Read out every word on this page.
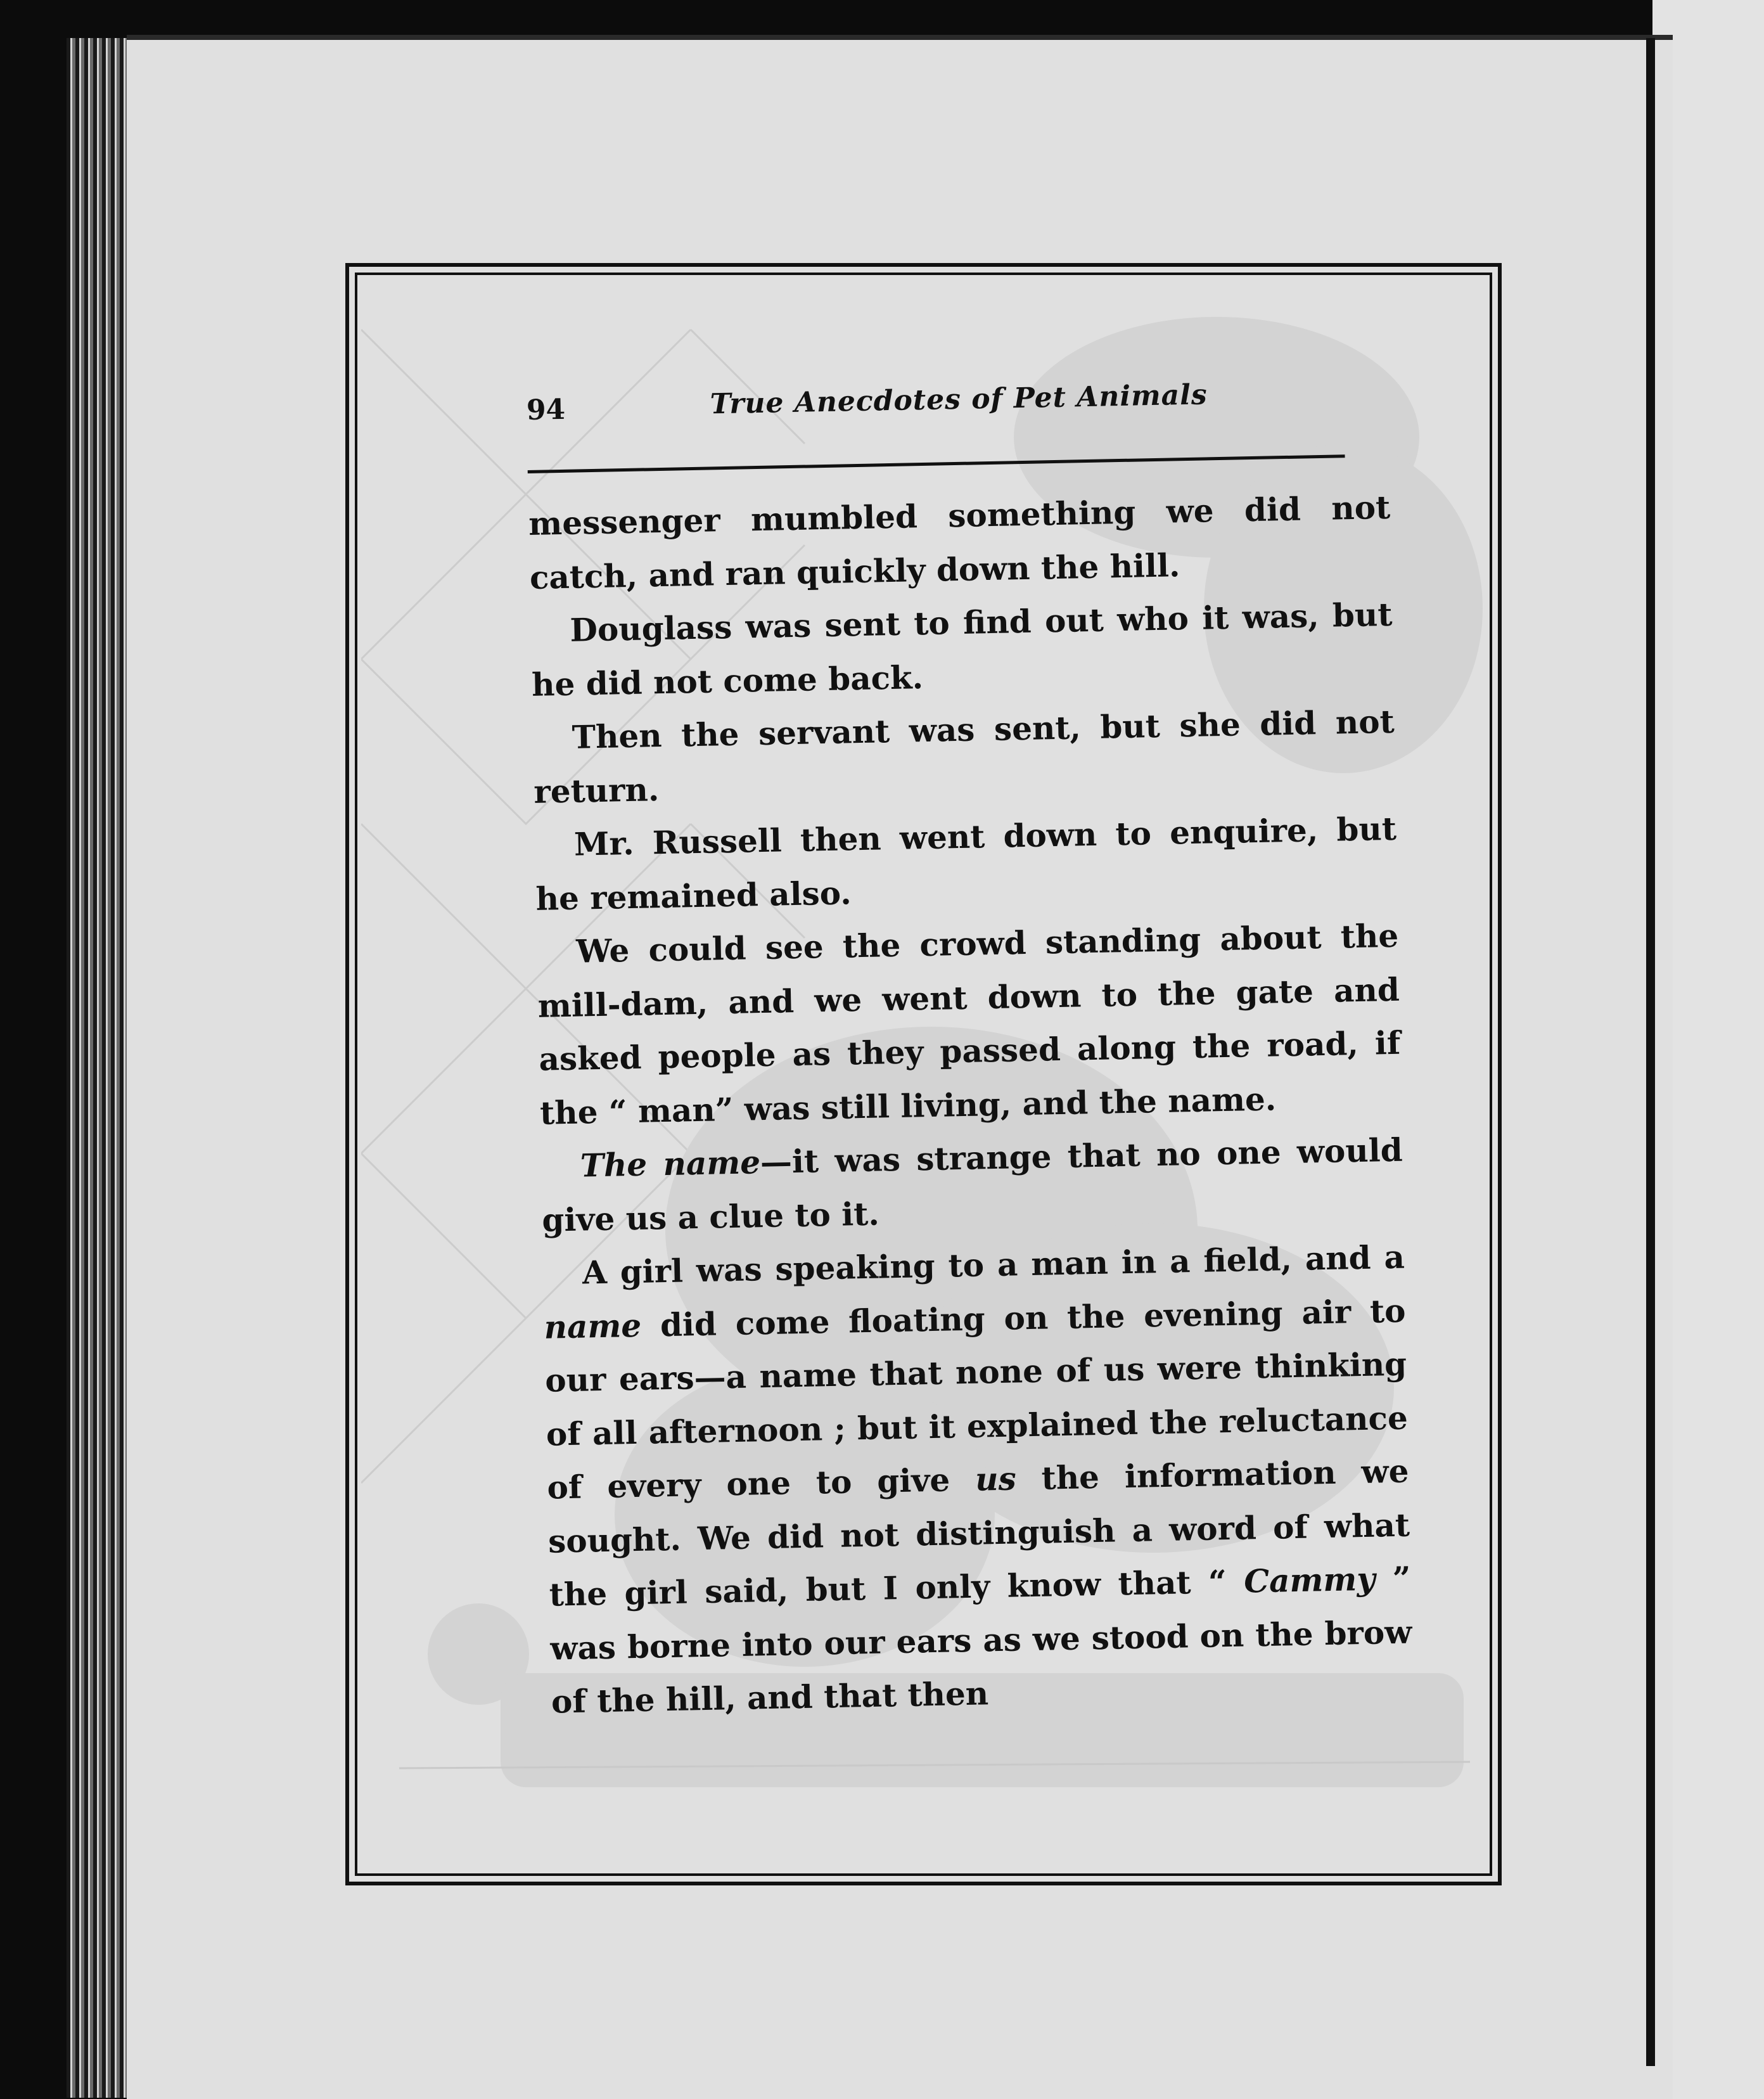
94	True Anecdotes of Pet Animals

messenger mumbled something we did not catch, and ran quickly down the hill.

Douglass was sent to find out who it was, but he did not come back.

Then the servant was sent, but she did not return.

Mr. Russell then went down to enquire, but he remained also.

We could see the crowd standing about the mill-dam, and we went down to the gate and asked people as they passed along the road, if the “ man” was still living, and the name.

The name—it was strange that no one would give us a clue to it.

A girl was speaking to a man in a field, and a name did come floating on the evening air to our ears—a name that none of us were thinking of all afternoon ; but it explained the reluctance of every one to give us the information we sought. We did not distinguish a word of what the girl said, but I only know that “ Cammy ” was borne into our ears as we stood on the brow of the hill, and that then
